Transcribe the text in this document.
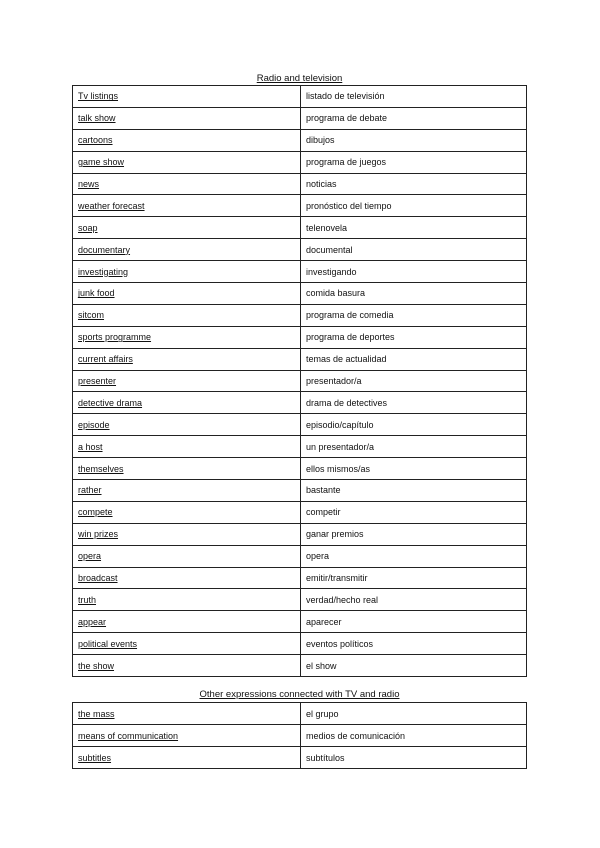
Radio and television
Tv listings	listado de televisión
talk show	programa de debate
cartoons	dibujos
game show	programa de juegos
news	noticias
weather forecast	pronóstico del tiempo
soap	telenovela
documentary	documental
investigating	investigando
junk food	comida basura
sitcom	programa de comedia
sports programme	programa de deportes
current affairs	temas de actualidad
presenter	presentador/a
detective drama	drama de detectives
episode	episodio/capítulo
a host	un presentador/a
themselves	ellos mismos/as
rather	bastante
compete	competir
win prizes	ganar premios
opera	opera
broadcast	emitir/transmitir
truth	verdad/hecho real
appear	aparecer
political events	eventos políticos
the show	el show
Other expressions connected with TV and radio
the mass	el grupo
means of communication	medios de comunicación
subtitles	subtítulos
